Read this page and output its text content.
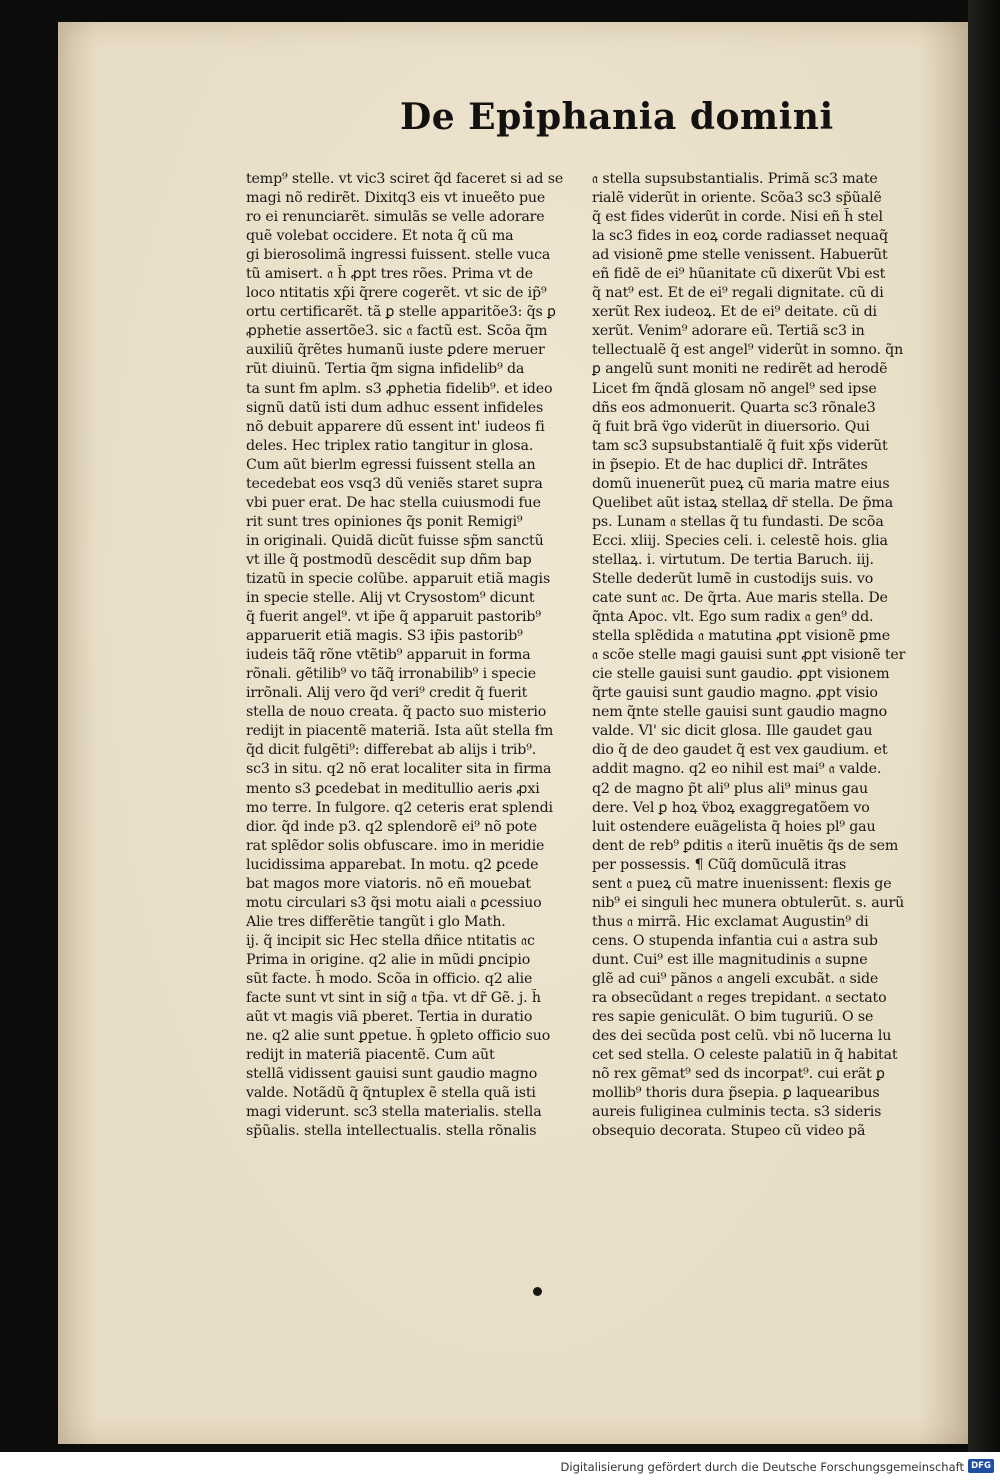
De Epiphania domini
temp⁹ stelle. vt vic3 sciret q̃d faceret si ad se
magi nõ redirẽt. Dixitq3 eis vt inueẽto pue
ro ei renunciarẽt. simulãs se velle adorare
quẽ volebat occidere. Et nota q̃ cũ ma
gi bierosolimã ingressi fuissent. stelle vuca
tũ amisert. 𝔞 h̃ ꝓpt tres rões. Prima vt de
loco ntitatis xp̃i q̃rere cogerẽt. vt sic de ip̃⁹
ortu certificarẽt. tã ꝑ stelle apparitõe3: q̃s ꝑ
ꝓphetie assertõe3. sic 𝔞 factũ est. Scõa q̃m
auxiliũ q̃rẽtes humanũ iuste ꝑdere meruer
rũt diuinũ. Tertia q̃m signa infidelib⁹ da
ta sunt ẜm aplm. s3 ꝓphetia fidelib⁹. et ideo
signũ datũ isti dum adhuc essent infideles
nõ debuit apparere dũ essent int' iudeos fi
deles. Hec triplex ratio tangitur in glosa.
Cum aũt bierlm egressi fuissent stella an
tecedebat eos vsq3 dũ veniẽs staret supra
vbi puer erat. De hac stella cuiusmodi fue
rit sunt tres opiniones q̃s ponit Remigi⁹
in originali. Quidã dicũt fuisse sp̃m sanctũ
vt ille q̃ postmodũ descẽdit sup dñm bap
tizatũ in specie colũbe. apparuit etiã magis
in specie stelle. Alij vt Crysostom⁹ dicunt
q̃ fuerit angel⁹. vt ip̃e q̃ apparuit pastorib⁹
apparuerit etiã magis. S3 ip̃is pastorib⁹
iudeis tãq̃ rõne vtẽtib⁹ apparuit in forma
rõnali. gẽtilib⁹ vo tãq̃ irronabilib⁹ i specie
irrõnali. Alij vero q̃d veri⁹ credit q̃ fuerit
stella de nouo creata. q̃ pacto suo misterio
redijt in piacentẽ materiã. Ista aũt stella ẜm
q̃d dicit fulgẽti⁹: differebat ab alijs i trib⁹.
sc3 in situ. q2 nõ erat localiter sita in firma
mento s3 ꝑcedebat in meditullio aeris ꝓxi
mo terre. In fulgore. q2 ceteris erat splendi
dior. q̃d inde p3. q2 splendorẽ ei⁹ nõ pote
rat splẽdor solis obfuscare. imo in meridie
lucidissima apparebat. In motu. q2 ꝑcede
bat magos more viatoris. nõ eñ mouebat
motu circulari s3 q̃si motu aiali 𝔞 ꝑcessiuo
Alie tres differẽtie tangũt i glo Math.
ij. q̃ incipit sic Hec stella dñice ntitatis 𝔞c
Prima in origine. q2 alie in mũdi ꝑncipio
sũt facte. h̃ modo. Scõa in officio. q2 alie
facte sunt vt sint in sig̃ 𝔞 tp̃a. vt dr̃ Gẽ. j. h̃
aũt vt magis viã pberet. Tertia in duratio
ne. q2 alie sunt ꝑpetue. h̃ ꝯpleto officio suo
redijt in materiã piacentẽ. Cum aũt
stellã vidissent gauisi sunt gaudio magno
valde. Notãdũ q̃ q̃ntuplex ẽ stella quã isti
magi viderunt. sc3 stella materialis. stella
sp̃ũalis. stella intellectualis. stella rõnalis
𝔞 stella supsubstantialis. Primã sc3 mate
rialẽ viderũt in oriente. Scõa3 sc3 sp̃ũalẽ
q̃ est fides viderũt in corde. Nisi eñ h̃ stel
la sc3 fides in eoꝝ corde radiasset nequaq̃
ad visionẽ ꝑme stelle venissent. Habuerũt
eñ fidẽ de ei⁹ hũanitate cũ dixerũt Vbi est
q̃ nat⁹ est. Et de ei⁹ regali dignitate. cũ di
xerũt Rex iudeoꝝ. Et de ei⁹ deitate. cũ di
xerũt. Venim⁹ adorare eũ. Tertiã sc3 in
tellectualẽ q̃ est angel⁹ viderũt in somno. q̃n
ꝑ angelũ sunt moniti ne redirẽt ad herodẽ
Licet ẜm q̃ndã glosam nõ angel⁹ sed ipse
dñs eos admonuerit. Quarta sc3 rõnale3
q̃ fuit brã v̈go viderũt in diuersorio. Qui
tam sc3 supsubstantialẽ q̃ fuit xp̃s viderũt
in p̃sepio. Et de hac duplici dr̃. Intrãtes
domũ inuenerũt pueꝝ cũ maria matre eius
Quelibet aũt istaꝝ stellaꝝ dr̃ stella. De p̃ma
ps. Lunam 𝔞 stellas q̃ tu fundasti. De scõa
Ecci. xliij. Species celi. i. celestẽ hois. glia
stellaꝝ. i. virtutum. De tertia Baruch. iij.
Stelle dederũt lumẽ in custodijs suis. vo
cate sunt 𝔞c. De q̃rta. Aue maris stella. De
q̃nta Apoc. vlt. Ego sum radix 𝔞 gen⁹ dd.
stella splẽdida 𝔞 matutina ꝓpt visionẽ ꝑme
𝔞 scõe stelle magi gauisi sunt ꝓpt visionẽ ter
cie stelle gauisi sunt gaudio. ꝓpt visionem
q̃rte gauisi sunt gaudio magno. ꝓpt visio
nem q̃nte stelle gauisi sunt gaudio magno
valde. Vl' sic dicit glosa. Ille gaudet gau
dio q̃ de deo gaudet q̃ est vex gaudium. et
addit magno. q2 eo nihil est mai⁹ 𝔞 valde.
q2 de magno p̃t ali⁹ plus ali⁹ minus gau
dere. Vel ꝑ hoꝝ v̈boꝝ exaggregatõem vo
luit ostendere euãgelista q̃ hoies pl⁹ gau
dent de reb⁹ ꝑditis 𝔞 iterũ inuẽtis q̃s de sem
per possessis. ¶ Cũq̃ domũculã itras
sent 𝔞 pueꝝ cũ matre inuenissent: flexis ge
nib⁹ ei singuli hec munera obtulerũt. s. aurũ
thus 𝔞 mirrã. Hic exclamat Augustin⁹ di
cens. O stupenda infantia cui 𝔞 astra sub
dunt. Cui⁹ est ille magnitudinis 𝔞 supne
glẽ ad cui⁹ pãnos 𝔞 angeli excubãt. 𝔞 side
ra obsecũdant 𝔞 reges trepidant. 𝔞 sectato
res sapie geniculãt. O bim tuguriũ. O se
des dei secũda post celũ. vbi nõ lucerna lu
cet sed stella. O celeste palatiũ in q̃ habitat
nõ rex gẽmat⁹ sed ds incorpat⁹. cui erãt ꝑ
mollib⁹ thoris dura p̃sepia. ꝑ laquearibus
aureis fuliginea culminis tecta. s3 sideris
obsequio decorata. Stupeo cũ video pã
Digitalisierung gefördert durch die Deutsche Forschungsgemeinschaft DFG
